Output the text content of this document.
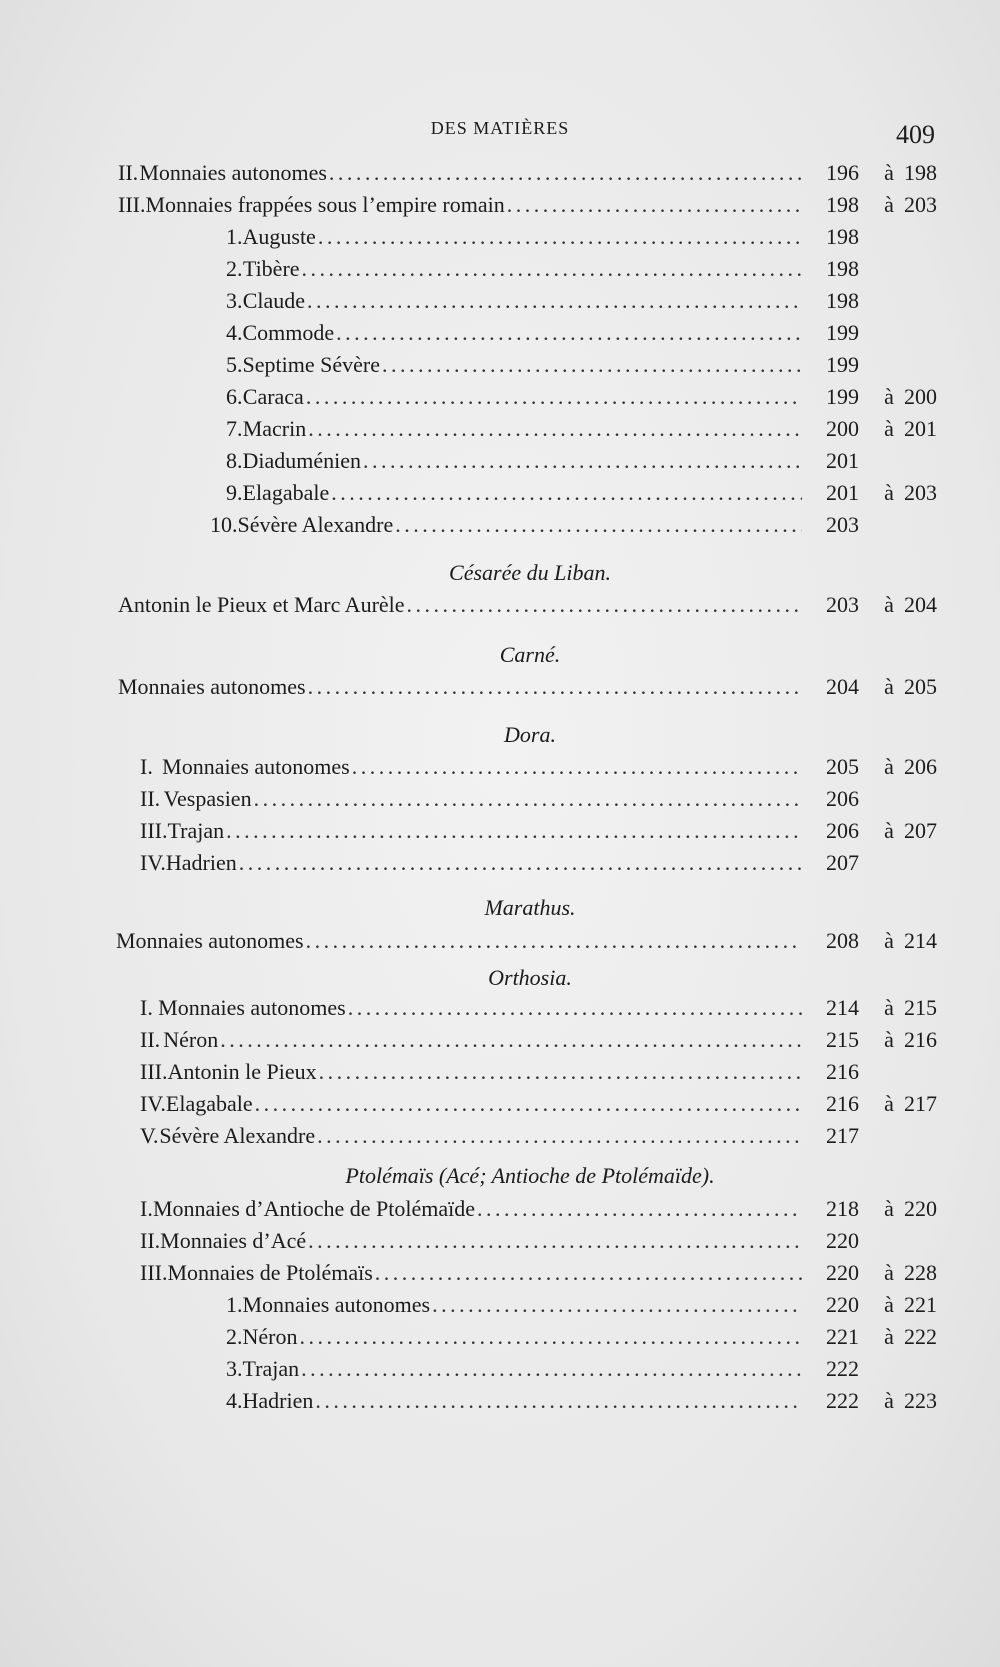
DES MATIÈRES	409
Césarée du Liban.
Carné.
Dora.
Marathus.
Orthosia.
Ptolémaïs (Acé; Antioche de Ptolémaïde).
II. Monnaies autonomes . . .	196	à 198
III. Monnaies frappées sous l’empire romain . . .	198	à 203
1. Auguste . . .	198
2. Tibère . . .	198
3. Claude . . .	198
4. Commode . . .	199
5. Septime Sévère . . .	199
6. Caraca . . .	199	à 200
7. Macrin . . .	200	à 201
8. Diaduménien . . .	201
9. Elagabale . . .	201	à 203
10. Sévère Alexandre . . .	203
Antonin le Pieux et Marc Aurèle . . .	203	à 204
Monnaies autonomes . . .	204	à 205
I. Monnaies autonomes . . .	205	à 206
II. Vespasien . . .	206
III. Trajan . . .	206	à 207
IV. Hadrien . . .	207
Monnaies autonomes . . .	208	à 214
I. Monnaies autonomes . . .	214	à 215
II. Néron . . .	215	à 216
III. Antonin le Pieux . . .	216
IV. Elagabale . . .	216	à 217
V. Sévère Alexandre . . .	217
I. Monnaies d’Antioche de Ptolémaïde . . .	218	à 220
II. Monnaies d’Acé . . .	220
III. Monnaies de Ptolémaïs . . .	220	à 228
1. Monnaies autonomes . . .	220	à 221
2. Néron . . .	221	à 222
3. Trajan . . .	222
4. Hadrien . . .	222	à 223
